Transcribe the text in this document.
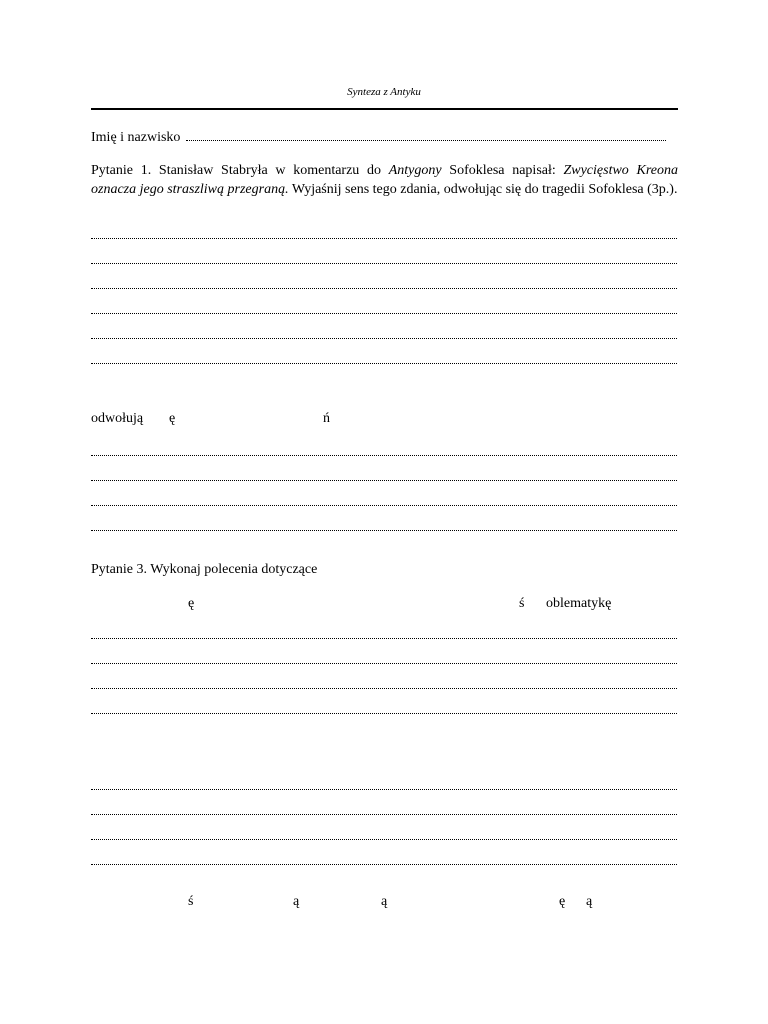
Synteza z Antyku
Imię i nazwisko
Pytanie 1. Stanisław Stabryła w komentarzu do Antygony Sofoklesa napisał: Zwycięstwo Kreona oznacza jego straszliwą przegraną. Wyjaśnij sens tego zdania, odwołując się do tragedii Sofoklesa (3p.).
odwołują ę	ń
Pytanie 3. Wykonaj polecenia dotyczące
ę	ś oblematykę
ś	ą	ą	ę ą
